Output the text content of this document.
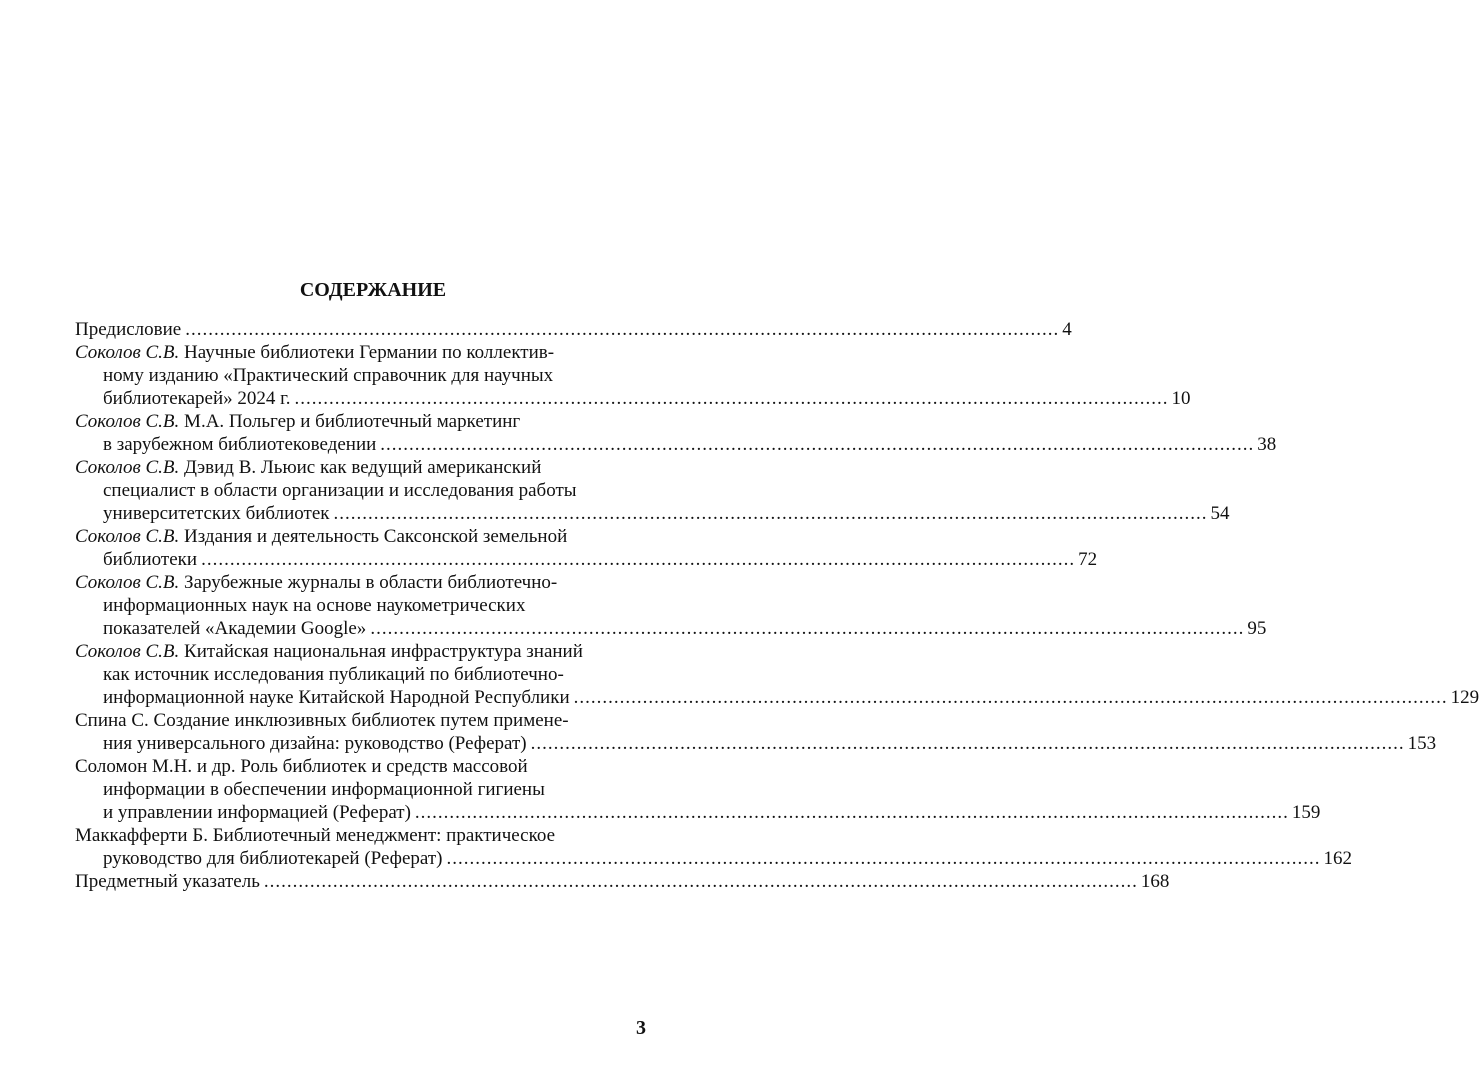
СОДЕРЖАНИЕ
Предисловие ........................................................................................................................................................ 4
Соколов С.В. Научные библиотеки Германии по коллектив-
ному изданию «Практический справочник для научных
библиотекарей» 2024 г. ........................................................................................................................................................ 10
Соколов С.В. М.А. Польгер и библиотечный маркетинг
в зарубежном библиотековедении ........................................................................................................................................................ 38
Соколов С.В. Дэвид В. Льюис как ведущий американский
специалист в области организации и исследования работы
университетских библиотек ........................................................................................................................................................ 54
Соколов С.В. Издания и деятельность Саксонской земельной
библиотеки ........................................................................................................................................................ 72
Соколов С.В. Зарубежные журналы в области библиотечно-
информационных наук на основе наукометрических
показателей «Академии Google» ........................................................................................................................................................ 95
Соколов С.В. Китайская национальная инфраструктура знаний
как источник исследования публикаций по библиотечно-
информационной науке Китайской Народной Республики ........................................................................................................................................................ 129
Спина С. Создание инклюзивных библиотек путем примене-
ния универсального дизайна: руководство (Реферат) ........................................................................................................................................................ 153
Соломон М.Н. и др. Роль библиотек и средств массовой
информации в обеспечении информационной гигиены
и управлении информацией (Реферат) ........................................................................................................................................................ 159
Маккафферти Б. Библиотечный менеджмент: практическое
руководство для библиотекарей (Реферат) ........................................................................................................................................................ 162
Предметный указатель ........................................................................................................................................................ 168
3
